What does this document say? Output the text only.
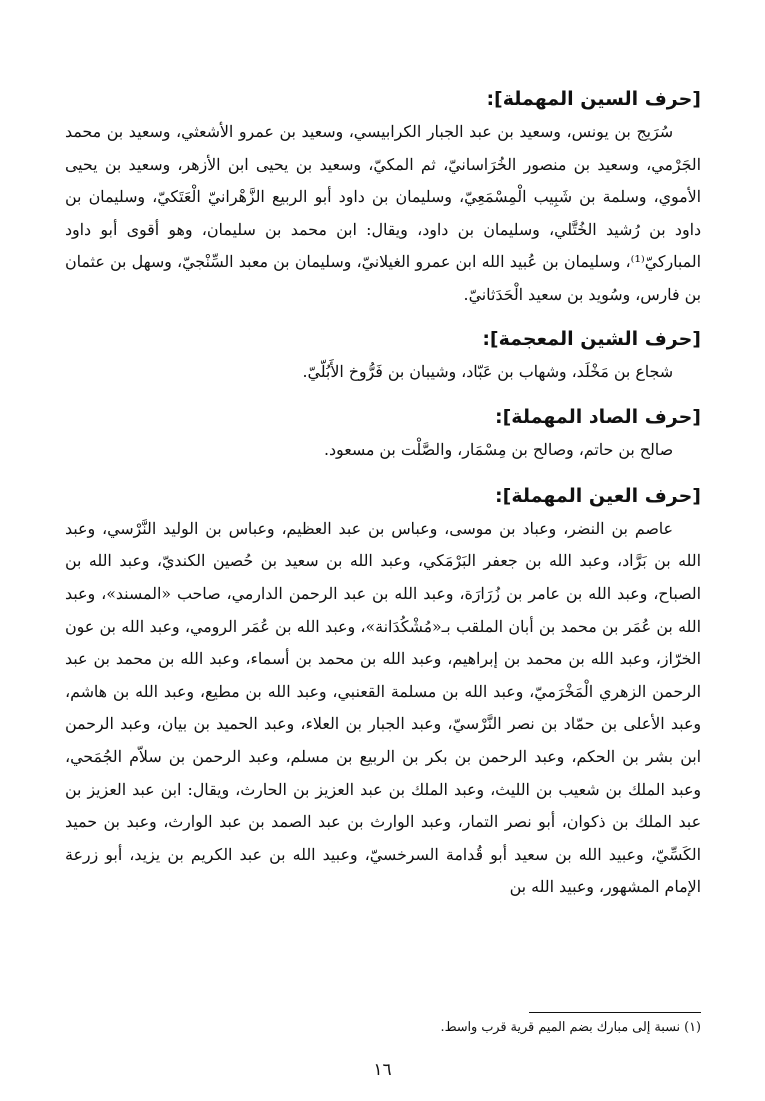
[حرف السين المهملة]:

سُرَيج بن يونس، وسعيد بن عبد الجبار الكرابيسي، وسعيد بن عمرو الأشعثي، وسعيد بن محمد الجَرْمي، وسعيد بن منصور الخُرَاسانيّ، ثم المكيّ، وسعيد بن يحيى ابن الأزهر، وسعيد بن يحيى الأموي، وسلمة بن شَبِيب الْمِسْمَعِيّ، وسليمان بن داود أبو الربيع الزَّهْرانيّ الْعَتَكيّ، وسليمان بن داود بن رُشيد الخُتَّلي، وسليمان بن داود، ويقال: ابن محمد بن سليمان، وهو أقوى أبو داود المباركيّ⁽¹⁾، وسليمان بن عُبيد الله ابن عمرو الغيلانيّ، وسليمان بن معبد السِّنْجيّ، وسهل بن عثمان بن فارس، وسُويد بن سعيد الْحَدَثانيّ.

[حرف الشين المعجمة]:

شجاع بن مَخْلَد، وشهاب بن عَبّاد، وشيبان بن فَرُّوخ الأَبُلّيّ.

[حرف الصاد المهملة]:

صالح بن حاتم، وصالح بن مِسْمَار، والصَّلْت بن مسعود.

[حرف العين المهملة]:

عاصم بن النضر، وعباد بن موسى، وعباس بن عبد العظيم، وعباس بن الوليد النَّرْسي، وعبد الله بن بَرَّاد، وعبد الله بن جعفر البَرْمَكي، وعبد الله بن سعيد بن حُصين الكنديّ، وعبد الله بن الصباح، وعبد الله بن عامر بن زُرَارَة، وعبد الله بن عبد الرحمن الدارمي، صاحب «المسند»، وعبد الله بن عُمَر بن محمد بن أبان الملقب بـ«مُشْكُدَانة»، وعبد الله بن عُمَر الرومي، وعبد الله بن عون الخرّاز، وعبد الله بن محمد بن إبراهيم، وعبد الله بن محمد بن أسماء، وعبد الله بن محمد بن عبد الرحمن الزهري الْمَخْرَميّ، وعبد الله بن مسلمة القعنبي، وعبد الله بن مطيع، وعبد الله بن هاشم، وعبد الأعلى بن حمّاد بن نصر النَّرْسيّ، وعبد الجبار بن العلاء، وعبد الحميد بن بيان، وعبد الرحمن ابن بشر بن الحكم، وعبد الرحمن بن بكر بن الربيع بن مسلم، وعبد الرحمن بن سلاّم الجُمَحي، وعبد الملك بن شعيب بن الليث، وعبد الملك بن عبد العزيز بن الحارث، ويقال: ابن عبد العزيز بن عبد الملك بن ذكوان، أبو نصر التمار، وعبد الوارث بن عبد الصمد بن عبد الوارث، وعبد بن حميد الكَسِّيّ، وعبيد الله بن سعيد أبو قُدامة السرخسيّ، وعبيد الله بن عبد الكريم بن يزيد، أبو زرعة الإمام المشهور، وعبيد الله بن

(١) نسبة إلى مبارك بضم الميم قرية قرب واسط.
١٦
